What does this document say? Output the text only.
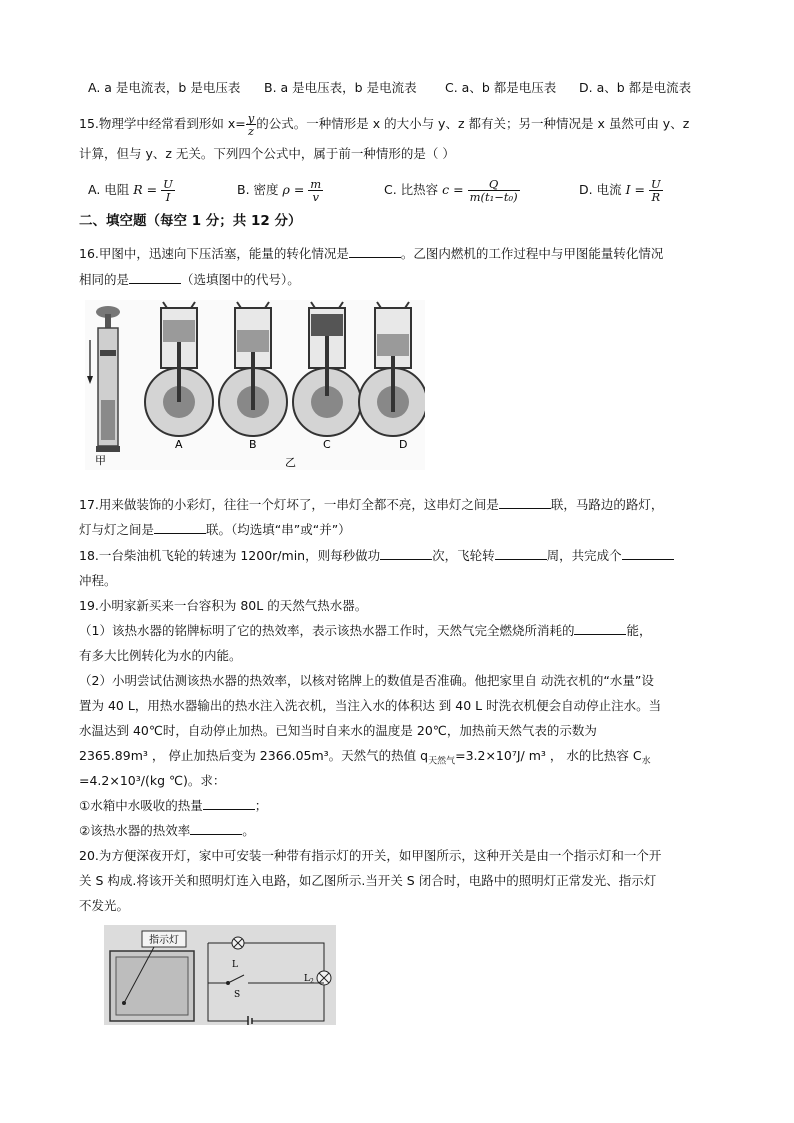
A. a 是电流表，b 是电压表 B. a 是电压表，b 是电流表 C. a、b 都是电压表 D. a、b 都是电流表
15.物理学中经常看到形如 $x= \frac{y}{z}$ 的公式。一种情形是 x 的大小与 y、z 都有关；另一种情况是 x 虽然可由 y、z
计算，但与 y、z 无关。下列四个公式中，属于前一种情形的是（ ）
A. 电阻 $R = \frac{U}{I}$	B. 密度 $\rho = \frac{m}{v}$	C. 比热容 $c = \frac{Q}{\text{m(t₁−t₀)}}$	D. 电流 $I = \frac{U}{R}$
二、填空题（每空 1 分；共 12 分）
16.甲图中，迅速向下压活塞，能量的转化情况是	。乙图内燃机的工作过程中与甲图能量转化情况
相同的是	（选填图中的代号）。
甲
A	B	C	D
乙
17.用来做装饰的小彩灯，往往一个灯坏了，一串灯全都不亮，这串灯之间是	联，马路边的路灯，
灯与灯之间是	联。（均选填“串”或“并”）
18.一台柴油机飞轮的转速为 1200r/min，则每秒做功	次，飞轮转	周，共完成个
冲程。
19.小明家新买来一台容积为 80L 的天然气热水器。
（1）该热水器的铭牌标明了它的热效率，表示该热水器工作时，天然气完全燃烧所消耗的	能，
有多大比例转化为水的内能。
（2）小明尝试估测该热水器的热效率，以核对铭牌上的数值是否准确。他把家里自 动洗衣机的“水量”设
置为 40 L，用热水器输出的热水注入洗衣机，当注入水的体积达 到 40 L 时洗衣机便会自动停止注水。当
水温达到 40℃时，自动停止加热。已知当时自来水的温度是 20℃，加热前天然气表的示数为
2365.89m³ ， 停止加热后变为 2366.05m³。天然气的热值 $q_{天然气}=3.2\times 10^7J/$ m³ ， 水的比热容 $C_水$
=4.2×10³/(kg ℃)。求：
①水箱中水吸收的热量	；
②该热水器的热效率	。
20.为方便深夜开灯，家中可安装一种带有指示灯的开关，如甲图所示，这种开关是由一个指示灯和一个开
关 S 构成.将该开关和照明灯连入电路，如乙图所示.当开关 S 闭合时，电路中的照明灯正常发光、指示灯
不发光。
指示灯
L
S
$L_2$
